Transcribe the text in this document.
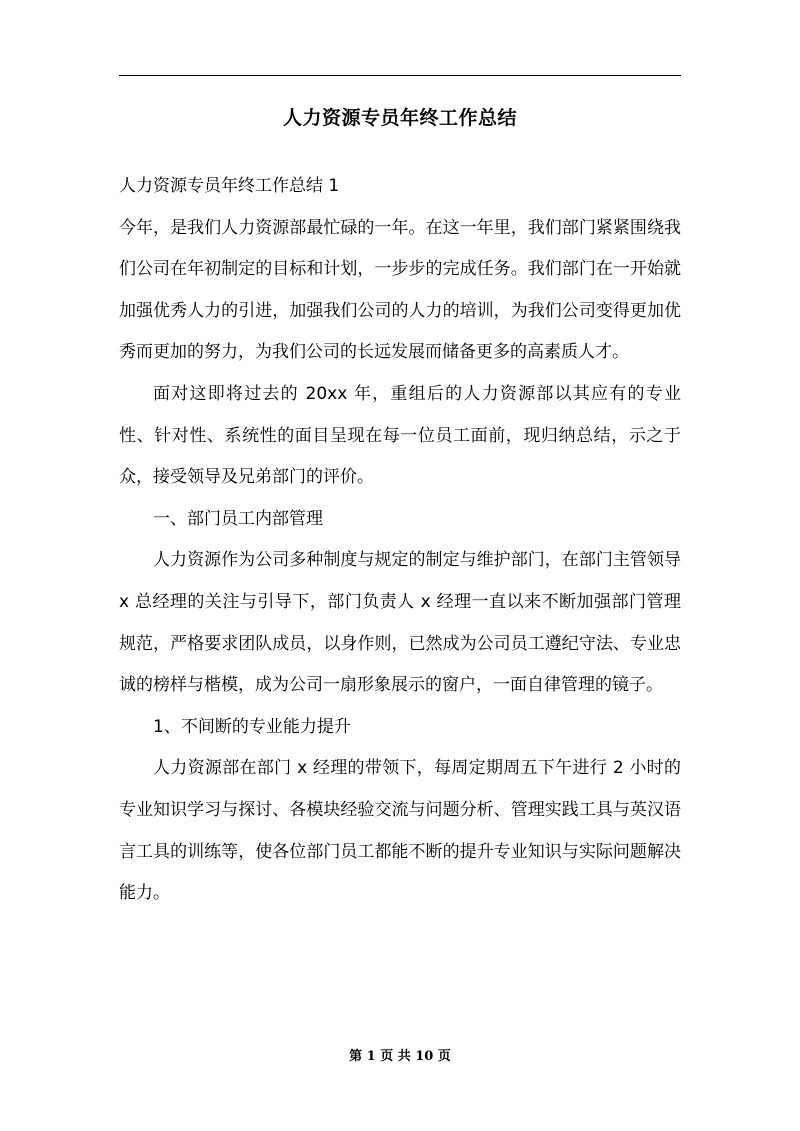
人力资源专员年终工作总结

人力资源专员年终工作总结 1

今年，是我们人力资源部最忙碌的一年。在这一年里，我们部门紧紧围绕我们公司在年初制定的目标和计划，一步步的完成任务。我们部门在一开始就加强优秀人力的引进，加强我们公司的人力的培训，为我们公司变得更加优秀而更加的努力，为我们公司的长远发展而储备更多的高素质人才。

面对这即将过去的 20xx 年，重组后的人力资源部以其应有的专业性、针对性、系统性的面目呈现在每一位员工面前，现归纳总结，示之于众，接受领导及兄弟部门的评价。

一、部门员工内部管理

人力资源作为公司多种制度与规定的制定与维护部门，在部门主管领导 x 总经理的关注与引导下，部门负责人 x 经理一直以来不断加强部门管理规范，严格要求团队成员，以身作则，已然成为公司员工遵纪守法、专业忠诚的榜样与楷模，成为公司一扇形象展示的窗户，一面自律管理的镜子。

1、不间断的专业能力提升

人力资源部在部门 x 经理的带领下，每周定期周五下午进行 2 小时的专业知识学习与探讨、各模块经验交流与问题分析、管理实践工具与英汉语言工具的训练等，使各位部门员工都能不断的提升专业知识与实际问题解决能力。

第 1 页 共 10 页
